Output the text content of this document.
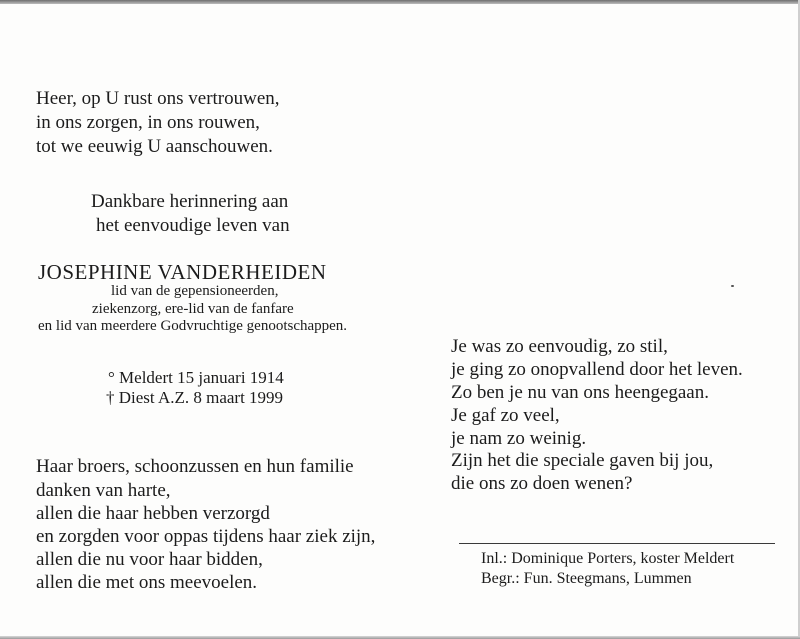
Heer, op U rust ons vertrouwen,
in ons zorgen, in ons rouwen,
tot we eeuwig U aanschouwen.
Dankbare herinnering aan
het eenvoudige leven van
JOSEPHINE VANDERHEIDEN
lid van de gepensioneerden,
ziekenzorg, ere-lid van de fanfare
en lid van meerdere Godvruchtige genootschappen.
° Meldert 15 januari 1914
† Diest A.Z. 8 maart 1999
Haar broers, schoonzussen en hun familie
danken van harte,
allen die haar hebben verzorgd
en zorgden voor oppas tijdens haar ziek zijn,
allen die nu voor haar bidden,
allen die met ons meevoelen.
Je was zo eenvoudig, zo stil,
je ging zo onopvallend door het leven.
Zo ben je nu van ons heengegaan.
Je gaf zo veel,
je nam zo weinig.
Zijn het die speciale gaven bij jou,
die ons zo doen wenen?
Inl.: Dominique Porters, koster Meldert
Begr.: Fun. Steegmans, Lummen
